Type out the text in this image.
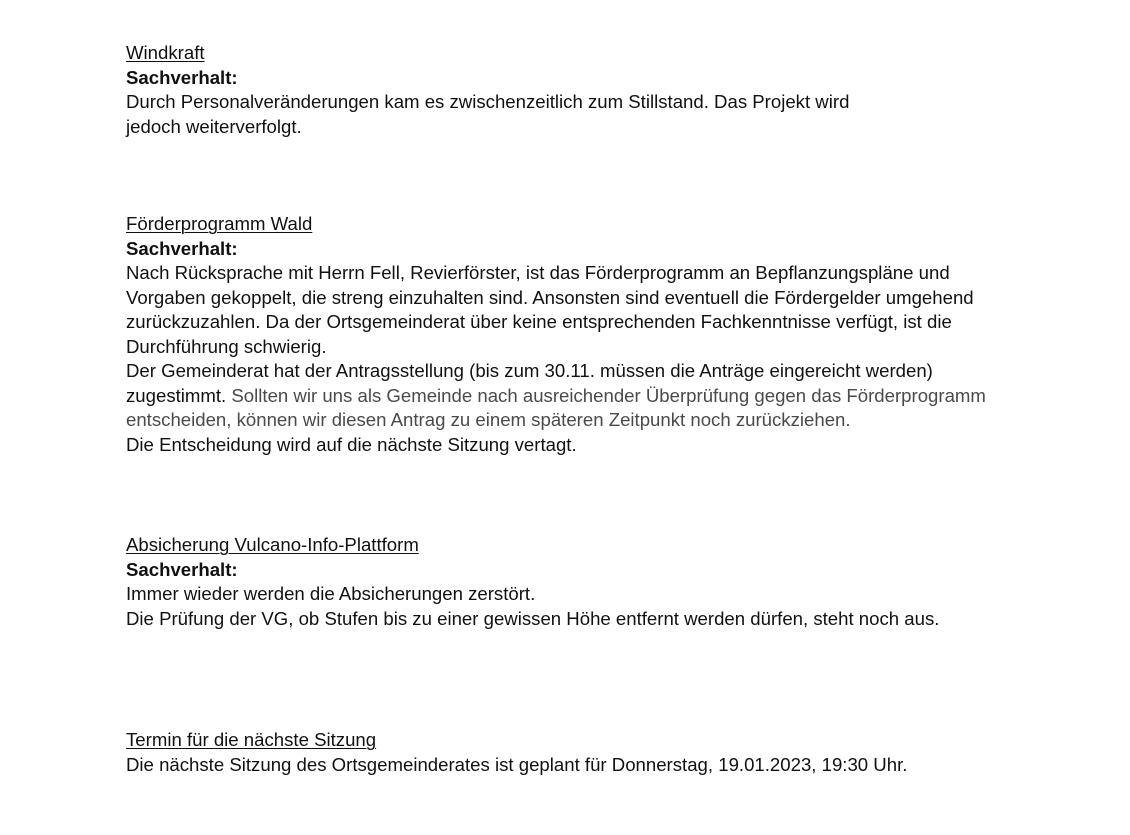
Windkraft
Sachverhalt:

Durch Personalveränderungen kam es zwischenzeitlich zum Stillstand. Das Projekt wird
jedoch weiterverfolgt.

Förderprogramm Wald
Sachverhalt:

Nach Rücksprache mit Herrn Fell, Revierförster, ist das Förderprogramm an Bepflanzungspläne und Vorgaben gekoppelt, die streng einzuhalten sind. Ansonsten sind eventuell die Fördergelder umgehend zurückzuzahlen. Da der Ortsgemeinderat über keine entsprechenden Fachkenntnisse verfügt, ist die Durchführung schwierig.

Der Gemeinderat hat der Antragsstellung (bis zum 30.11. müssen die Anträge eingereicht werden) zugestimmt. Sollten wir uns als Gemeinde nach ausreichender Überprüfung gegen das Förderprogramm entscheiden, können wir diesen Antrag zu einem späteren Zeitpunkt noch zurückziehen.

Die Entscheidung wird auf die nächste Sitzung vertagt.

Absicherung Vulcano-Info-Plattform
Sachverhalt:

Immer wieder werden die Absicherungen zerstört.

Die Prüfung der VG, ob Stufen bis zu einer gewissen Höhe entfernt werden dürfen, steht noch aus.

Termin für die nächste Sitzung

Die nächste Sitzung des Ortsgemeinderates ist geplant für Donnerstag, 19.01.2023, 19:30 Uhr.
